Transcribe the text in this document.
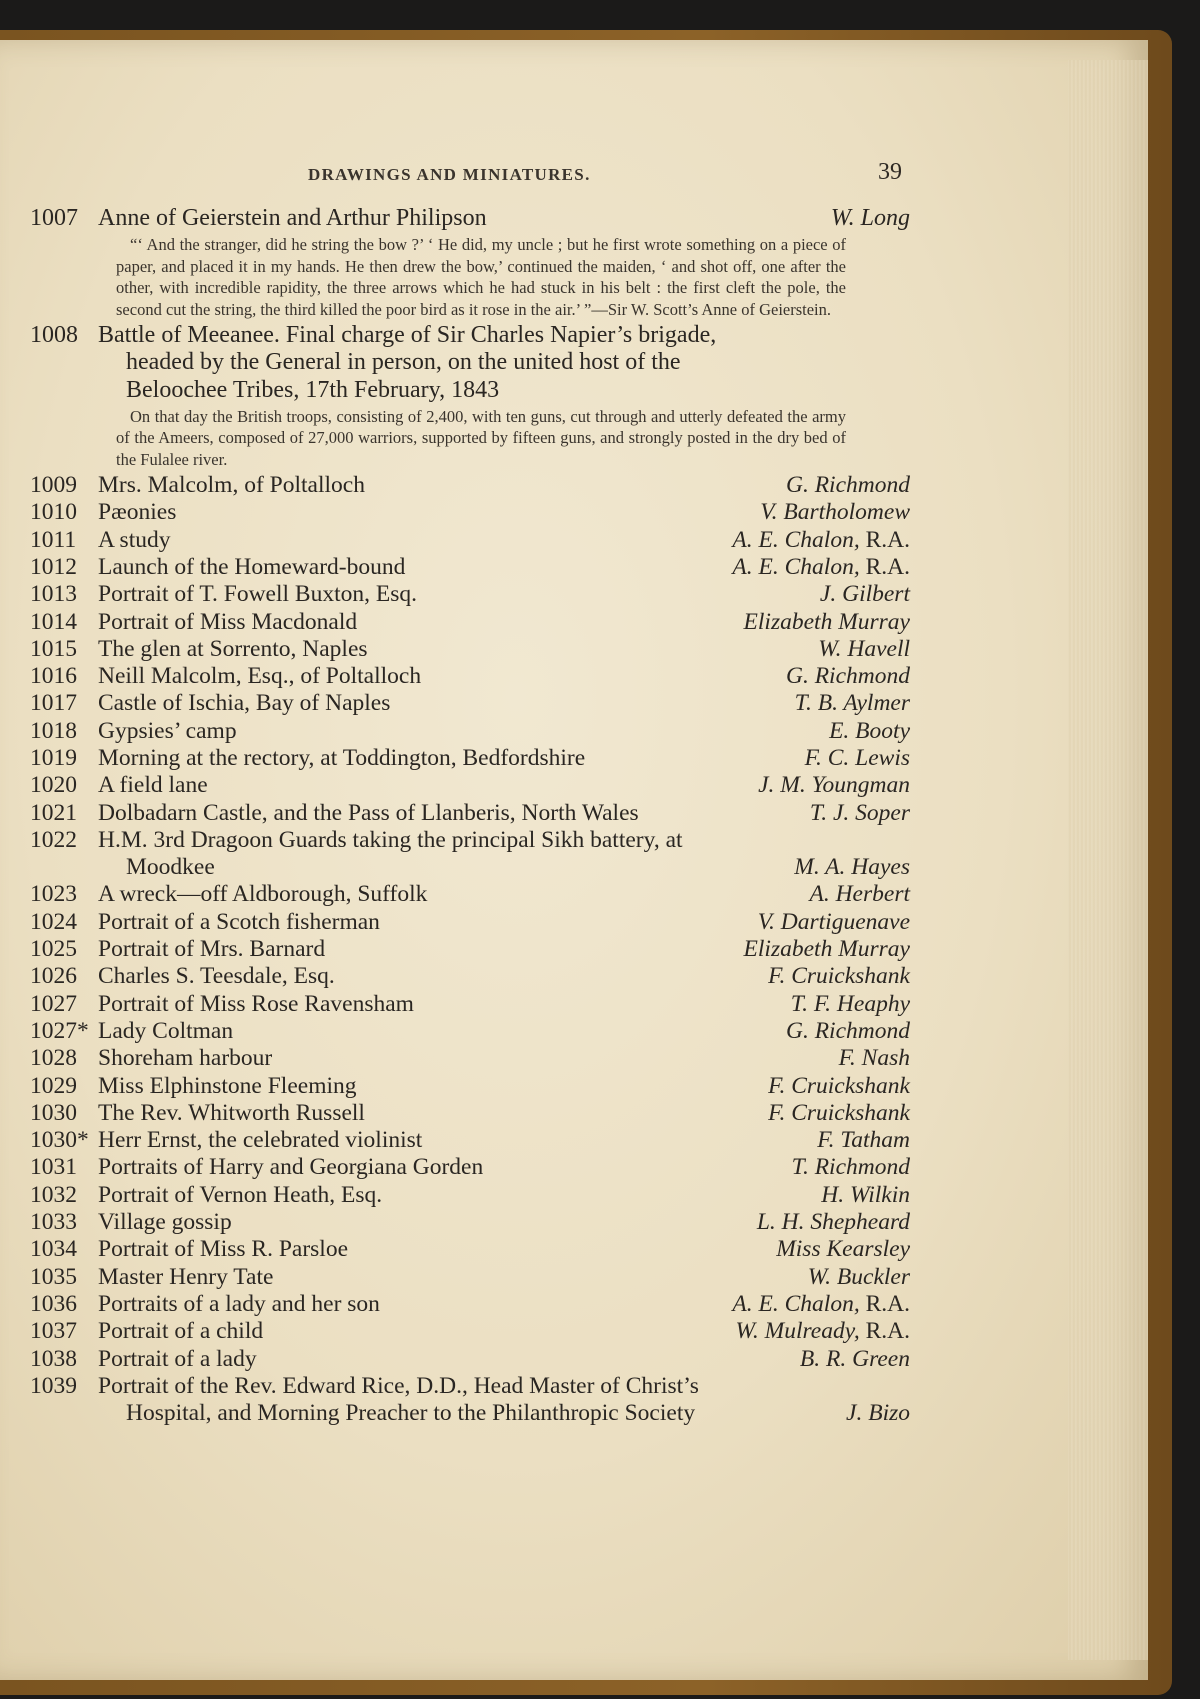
DRAWINGS AND MINIATURES.	39
1007 Anne of Geierstein and Arthur Philipson	W. Long
“‘ And the stranger, did he string the bow ?’ ‘ He did, my uncle ; but he first wrote something on a piece of paper, and placed it in my hands. He then drew the bow,’ continued the maiden, ‘ and shot off, one after the other, with incredible rapidity, the three arrows which he had stuck in his belt : the first cleft the pole, the second cut the string, the third killed the poor bird as it rose in the air.’ ”—Sir W. Scott’s Anne of Geierstein.
1008 Battle of Meeanee. Final charge of Sir Charles Napier’s brigade,
headed by the General in person, on the united host of the
Beloochee Tribes, 17th February, 1843
On that day the British troops, consisting of 2,400, with ten guns, cut through and utterly defeated the army of the Ameers, composed of 27,000 warriors, supported by fifteen guns, and strongly posted in the dry bed of the Fulalee river.
1009 Mrs. Malcolm, of Poltalloch	G. Richmond
1010 Pæonies	V. Bartholomew
1011 A study	A. E. Chalon, R.A.
1012 Launch of the Homeward-bound	A. E. Chalon, R.A.
1013 Portrait of T. Fowell Buxton, Esq.	J. Gilbert
1014 Portrait of Miss Macdonald	Elizabeth Murray
1015 The glen at Sorrento, Naples	W. Havell
1016 Neill Malcolm, Esq., of Poltalloch	G. Richmond
1017 Castle of Ischia, Bay of Naples	T. B. Aylmer
1018 Gypsies’ camp	E. Booty
1019 Morning at the rectory, at Toddington, Bedfordshire	F. C. Lewis
1020 A field lane	J. M. Youngman
1021 Dolbadarn Castle, and the Pass of Llanberis, North Wales	T. J. Soper
1022 H.M. 3rd Dragoon Guards taking the principal Sikh battery, at
Moodkee	M. A. Hayes
1023 A wreck—off Aldborough, Suffolk	A. Herbert
1024 Portrait of a Scotch fisherman	V. Dartiguenave
1025 Portrait of Mrs. Barnard	Elizabeth Murray
1026 Charles S. Teesdale, Esq.	F. Cruickshank
1027 Portrait of Miss Rose Ravensham	T. F. Heaphy
1027* Lady Coltman	G. Richmond
1028 Shoreham harbour	F. Nash
1029 Miss Elphinstone Fleeming	F. Cruickshank
1030 The Rev. Whitworth Russell	F. Cruickshank
1030* Herr Ernst, the celebrated violinist	F. Tatham
1031 Portraits of Harry and Georgiana Gorden	T. Richmond
1032 Portrait of Vernon Heath, Esq.	H. Wilkin
1033 Village gossip	L. H. Shepheard
1034 Portrait of Miss R. Parsloe	Miss Kearsley
1035 Master Henry Tate	W. Buckler
1036 Portraits of a lady and her son	A. E. Chalon, R.A.
1037 Portrait of a child	W. Mulready, R.A.
1038 Portrait of a lady	B. R. Green
1039 Portrait of the Rev. Edward Rice, D.D., Head Master of Christ’s
Hospital, and Morning Preacher to the Philanthropic Society	J. Bizo
